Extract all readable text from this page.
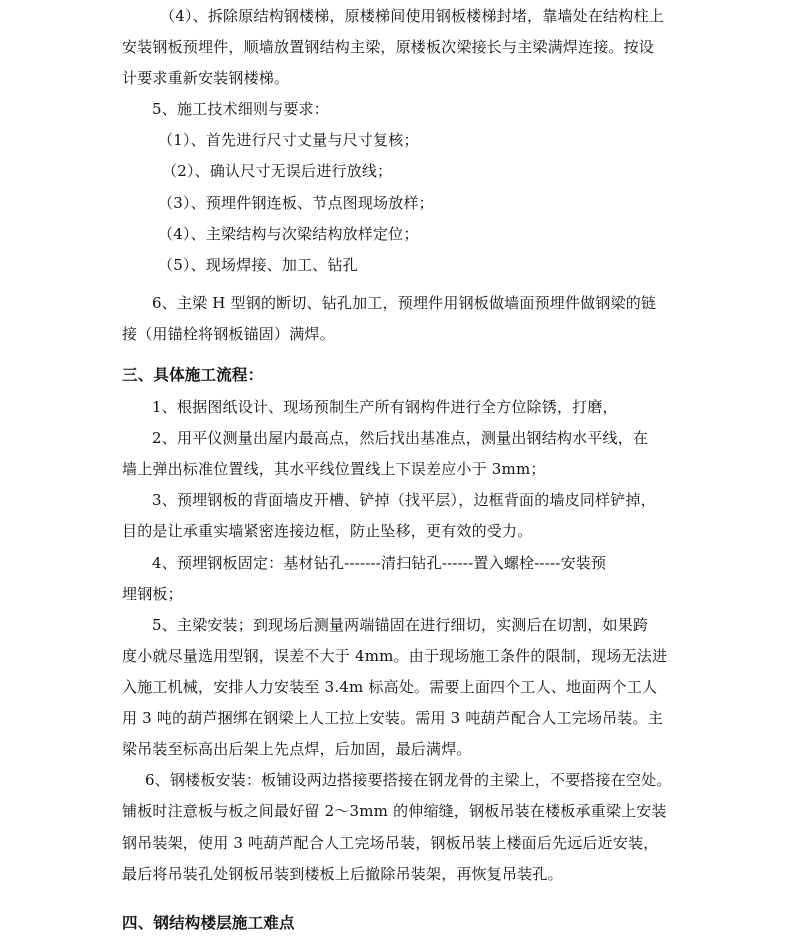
（4）、拆除原结构钢楼梯，原楼梯间使用钢板楼梯封堵，靠墙处在结构柱上
安装钢板预埋件，顺墙放置钢结构主梁，原楼板次梁接长与主梁满焊连接。按设
计要求重新安装钢楼梯。
5、施工技术细则与要求：
（1）、首先进行尺寸丈量与尺寸复核；
（2）、确认尺寸无误后进行放线；
（3）、预埋件钢连板、节点图现场放样；
（4）、主梁结构与次梁结构放样定位；
（5）、现场焊接、加工、钻孔
6、主梁 H 型钢的断切、钻孔加工，预埋件用钢板做墙面预埋件做钢梁的链
接（用锚栓将钢板锚固）满焊。
三、具体施工流程：
1、根据图纸设计、现场预制生产所有钢构件进行全方位除锈，打磨，
2、用平仪测量出屋内最高点，然后找出基准点，测量出钢结构水平线，在
墙上弹出标准位置线，其水平线位置线上下误差应小于 3mm；
3、预埋钢板的背面墙皮开槽、铲掉（找平层），边框背面的墙皮同样铲掉，
目的是让承重实墙紧密连接边框，防止坠移，更有效的受力。
4、预埋钢板固定：基材钻孔-------清扫钻孔------置入螺栓-----安装预
埋钢板；
5、主梁安装；到现场后测量两端锚固在进行细切，实测后在切割，如果跨
度小就尽量选用型钢，误差不大于 4mm。由于现场施工条件的限制，现场无法进
入施工机械，安排人力安装至 3.4m 标高处。需要上面四个工人、地面两个工人
用 3 吨的葫芦捆绑在钢梁上人工拉上安装。需用 3 吨葫芦配合人工完场吊装。主
梁吊装至标高出后架上先点焊，后加固，最后满焊。
6、钢楼板安装：板铺设两边搭接要搭接在钢龙骨的主梁上，不要搭接在空处。
铺板时注意板与板之间最好留 2～3mm 的伸缩缝，钢板吊装在楼板承重梁上安装
钢吊装架，使用 3 吨葫芦配合人工完场吊装，钢板吊装上楼面后先远后近安装，
最后将吊装孔处钢板吊装到楼板上后撤除吊装架，再恢复吊装孔。
四、钢结构楼层施工难点
